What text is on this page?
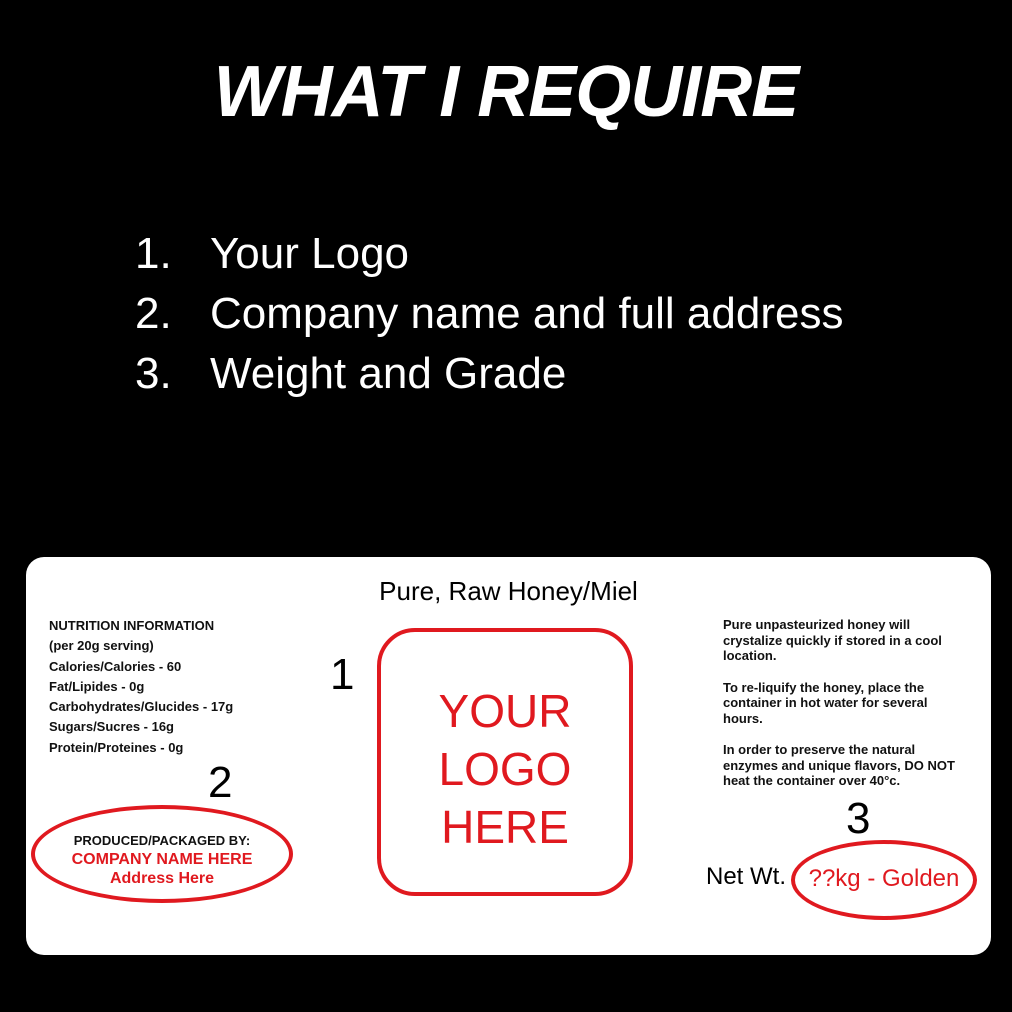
WHAT I REQUIRE
1. Your Logo
2. Company name and full address
3. Weight and Grade
Pure, Raw Honey/Miel
NUTRITION INFORMATION
(per 20g serving)
Calories/Calories - 60
Fat/Lipides - 0g
Carbohydrates/Glucides - 17g
Sugars/Sucres - 16g
Protein/Proteines - 0g
1
2
3
YOUR
LOGO
HERE
PRODUCED/PACKAGED BY:
COMPANY NAME HERE
Address Here

Pure unpasteurized honey will crystalize quickly if stored in a cool location.

To re-liquify the honey, place the container in hot water for several hours.

In order to preserve the natural enzymes and unique flavors, DO NOT heat the container over 40°c.

Net Wt. ??kg - Golden
